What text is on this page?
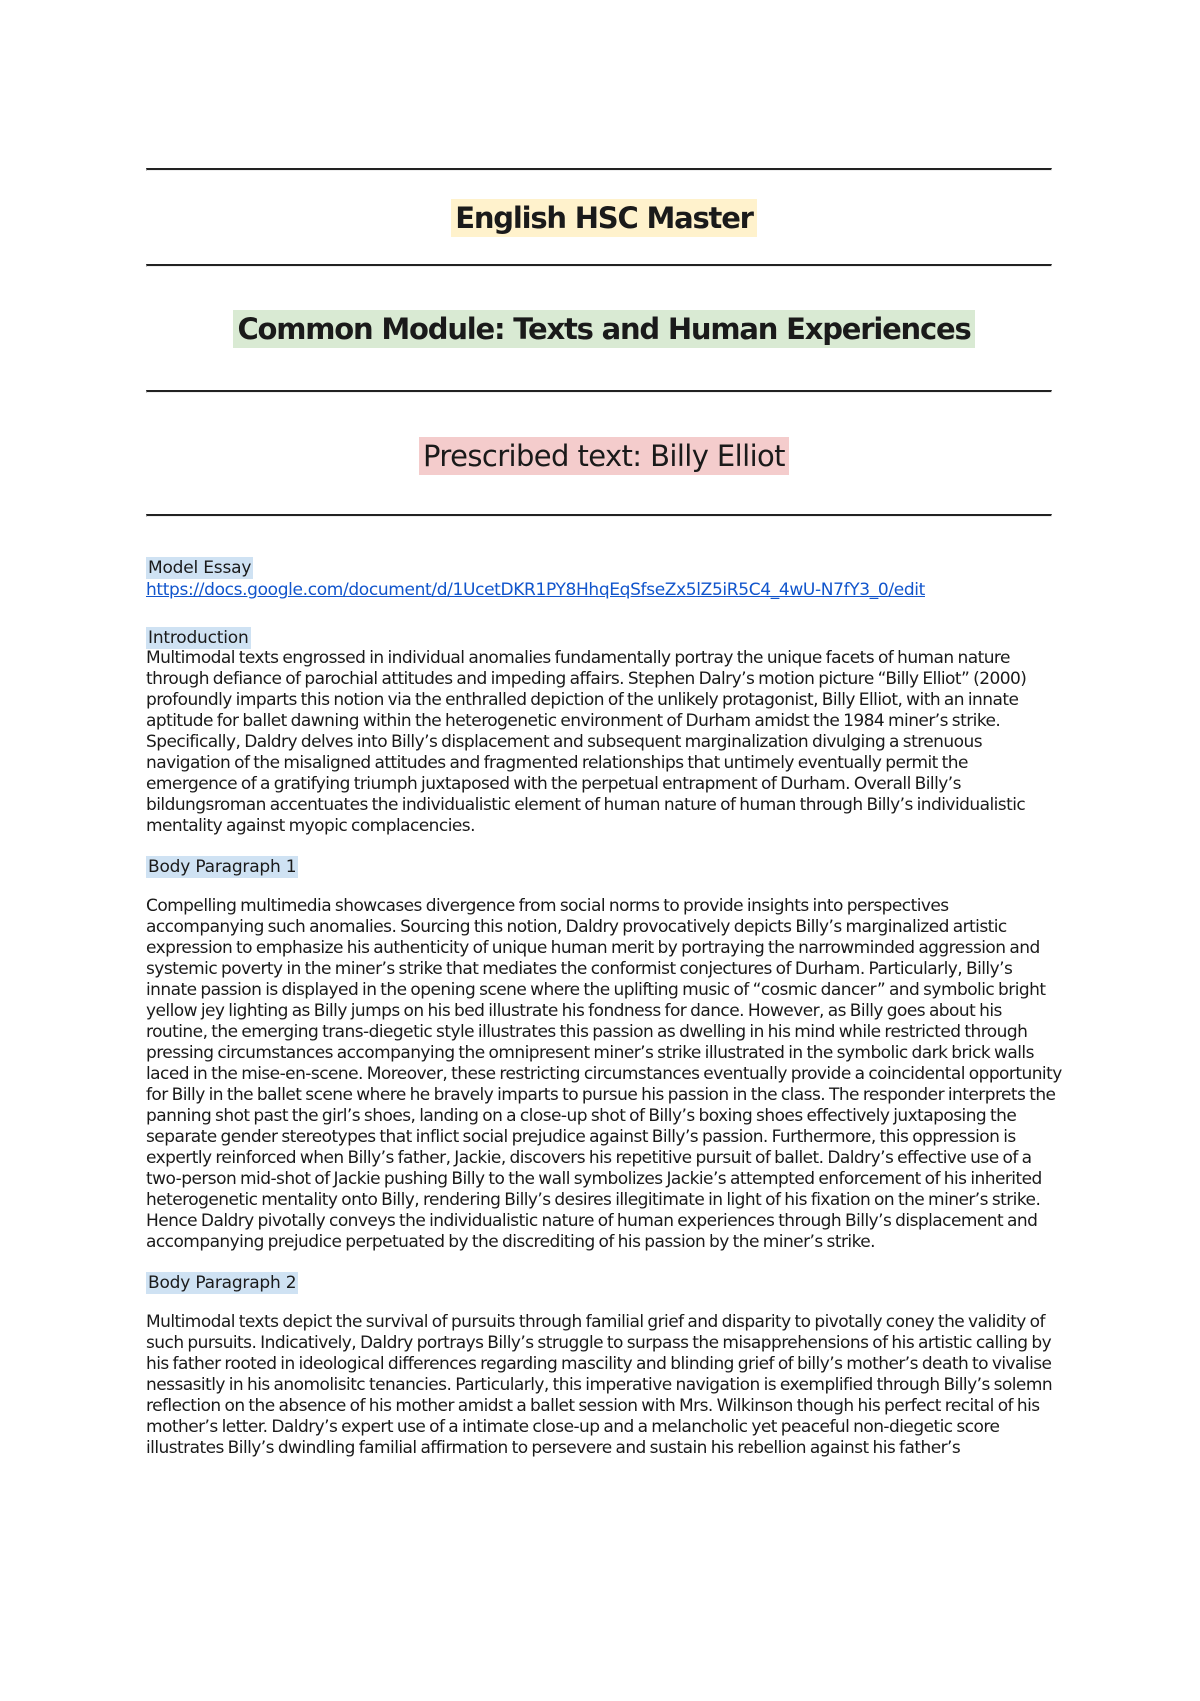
English HSC Master
Common Module: Texts and Human Experiences
Prescribed text: Billy Elliot
Model Essay
https://docs.google.com/document/d/1UcetDKR1PY8HhqEqSfseZx5lZ5iR5C4_4wU-N7fY3_0/edit
Introduction

Multimodal texts engrossed in individual anomalies fundamentally portray the unique facets of human nature through defiance of parochial attitudes and impeding affairs. Stephen Dalry’s motion picture “Billy Elliot” (2000) profoundly imparts this notion via the enthralled depiction of the unlikely protagonist, Billy Elliot, with an innate aptitude for ballet dawning within the heterogenetic environment of Durham amidst the 1984 miner’s strike. Specifically, Daldry delves into Billy’s displacement and subsequent marginalization divulging a strenuous navigation of the misaligned attitudes and fragmented relationships that untimely eventually permit the emergence of a gratifying triumph juxtaposed with the perpetual entrapment of Durham. Overall Billy’s bildungsroman accentuates the individualistic element of human nature of human through Billy’s individualistic mentality against myopic complacencies.

Body Paragraph 1

Compelling multimedia showcases divergence from social norms to provide insights into perspectives accompanying such anomalies. Sourcing this notion, Daldry provocatively depicts Billy’s marginalized artistic expression to emphasize his authenticity of unique human merit by portraying the narrowminded aggression and systemic poverty in the miner’s strike that mediates the conformist conjectures of Durham. Particularly, Billy’s innate passion is displayed in the opening scene where the uplifting music of “cosmic dancer” and symbolic bright yellow jey lighting as Billy jumps on his bed illustrate his fondness for dance. However, as Billy goes about his routine, the emerging trans-diegetic style illustrates this passion as dwelling in his mind while restricted through pressing circumstances accompanying the omnipresent miner’s strike illustrated in the symbolic dark brick walls laced in the mise-en-scene. Moreover, these restricting circumstances eventually provide a coincidental opportunity for Billy in the ballet scene where he bravely imparts to pursue his passion in the class. The responder interprets the panning shot past the girl’s shoes, landing on a close-up shot of Billy’s boxing shoes effectively juxtaposing the separate gender stereotypes that inflict social prejudice against Billy’s passion. Furthermore, this oppression is expertly reinforced when Billy’s father, Jackie, discovers his repetitive pursuit of ballet. Daldry’s effective use of a two-person mid-shot of Jackie pushing Billy to the wall symbolizes Jackie’s attempted enforcement of his inherited heterogenetic mentality onto Billy, rendering Billy’s desires illegitimate in light of his fixation on the miner’s strike. Hence Daldry pivotally conveys the individualistic nature of human experiences through Billy’s displacement and accompanying prejudice perpetuated by the discrediting of his passion by the miner’s strike.

Body Paragraph 2

Multimodal texts depict the survival of pursuits through familial grief and disparity to pivotally coney the validity of such pursuits. Indicatively, Daldry portrays Billy’s struggle to surpass the misapprehensions of his artistic calling by his father rooted in ideological differences regarding mascility and blinding grief of billy’s mother’s death to vivalise nessasitly in his anomolisitc tenancies. Particularly, this imperative navigation is exemplified through Billy’s solemn reflection on the absence of his mother amidst a ballet session with Mrs. Wilkinson though his perfect recital of his mother’s letter. Daldry’s expert use of a intimate close-up and a melancholic yet peaceful non-diegetic score illustrates Billy’s dwindling familial affirmation to persevere and sustain his rebellion against his father’s
